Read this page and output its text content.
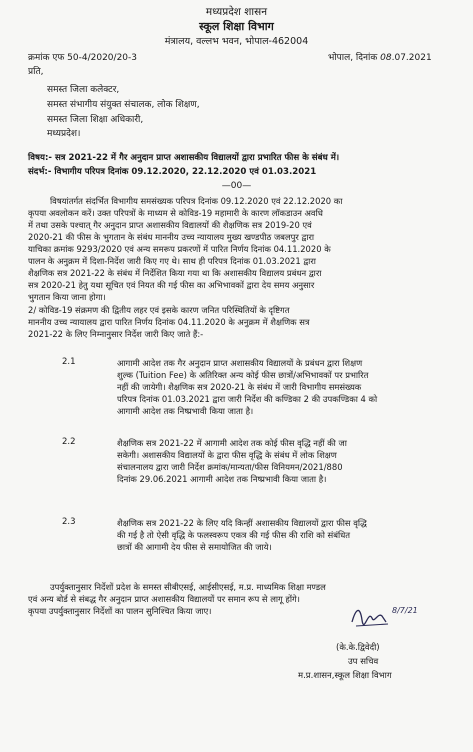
मध्यप्रदेश शासन
स्कूल शिक्षा विभाग
मंत्रालय, वल्लभ भवन, भोपाल-462004
क्रमांक एफ 50-4/2020/20-3	भोपाल, दिनांक 08.07.2021
प्रति,
समस्त जिला कलेक्टर,
समस्त संभागीय संयुक्त संचालक, लोक शिक्षण,
समस्त जिला शिक्षा अधिकारी,
मध्यप्रदेश।
विषय:- सत्र 2021-22 में गैर अनुदान प्राप्त अशासकीय विद्यालयों द्वारा प्रभारित फीस के संबंध में।
संदर्भ:- विभागीय परिपत्र दिनांक 09.12.2020, 22.12.2020 एवं 01.03.2021
—00—
विषयांतर्गत संदर्भित विभागीय समसंख्यक परिपत्र दिनांक 09.12.2020 एवं 22.12.2020 का
कृपया अवलोकन करें। उक्त परिपत्रों के माध्यम से कोविड-19 महामारी के कारण लॉकडाउन अवधि
में तथा उसके पश्चात् गैर अनुदान प्राप्त अशासकीय विद्यालयों की शैक्षणिक सत्र 2019-20 एवं
2020-21 की फीस के भुगतान के संबंध माननीय उच्च न्यायालय मुख्य खण्डपीठ जबलपुर द्वारा
याचिका क्रमांक 9293/2020 एवं अन्य समरूप प्रकरणों में पारित निर्णय दिनांक 04.11.2020 के
पालन के अनुक्रम में दिशा-निर्देश जारी किए गए थे। साथ ही परिपत्र दिनांक 01.03.2021 द्वारा
शैक्षणिक सत्र 2021-22 के संबंध में निर्देशित किया गया था कि अशासकीय विद्यालय प्रबंधन द्वारा
सत्र 2020-21 हेतु यथा सूचित एवं नियत की गई फीस का अभिभावकों द्वारा देय समय अनुसार
भुगतान किया जाना होगा।
2/ कोविड-19 संक्रमण की द्वितीय लहर एवं इसके कारण जनित परिस्थितियों के दृष्टिगत
माननीय उच्च न्यायालय द्वारा पारित निर्णय दिनांक 04.11.2020 के अनुक्रम में शैक्षणिक सत्र
2021-22 के लिए निम्नानुसार निर्देश जारी किए जाते हैं:-
2.1	आगामी आदेश तक गैर अनुदान प्राप्त अशासकीय विद्यालयों के प्रबंधन द्वारा शिक्षण
शुल्क (Tuition Fee) के अतिरिक्त अन्य कोई फीस छात्रों/अभिभावकों पर प्रभारित
नहीं की जायेगी। शैक्षणिक सत्र 2020-21 के संबंध में जारी विभागीय समसंख्यक
परिपत्र दिनांक 01.03.2021 द्वारा जारी निर्देश की कण्डिका 2 की उपकण्डिका 4 को
आगामी आदेश तक निष्प्रभावी किया जाता है।
2.2	शैक्षणिक सत्र 2021-22 में आगामी आदेश तक कोई फीस वृद्धि नहीं की जा
सकेगी। अशासकीय विद्यालयों के द्वारा फीस वृद्धि के संबंध में लोक शिक्षण
संचालनालय द्वारा जारी निर्देश क्रमांक/मान्यता/फीस विनियमन/2021/880
दिनांक 29.06.2021 आगामी आदेश तक निष्प्रभावी किया जाता है।
2.3	शैक्षणिक सत्र 2021-22 के लिए यदि किन्हीं अशासकीय विद्यालयों द्वारा फीस वृद्धि
की गई है तो ऐसी वृद्धि के फलस्वरूप एकत्र की गई फीस की राशि को संबंधित
छात्रों की आगामी देय फीस से समायोजित की जाये।
उपर्युक्तानुसार निर्देशों प्रदेश के समस्त सीबीएसई, आईसीएसई, म.प्र. माध्यमिक शिक्षा मण्डल
एवं अन्य बोर्ड से संबद्ध गैर अनुदान प्राप्त अशासकीय विद्यालयों पर समान रूप से लागू होंगे।
कृपया उपर्युक्तानुसार निर्देशों का पालन सुनिश्चित किया जाए।	8/7/21
(के.के.द्विवेदी)
उप सचिव
म.प्र.शासन,स्कूल शिक्षा विभाग
